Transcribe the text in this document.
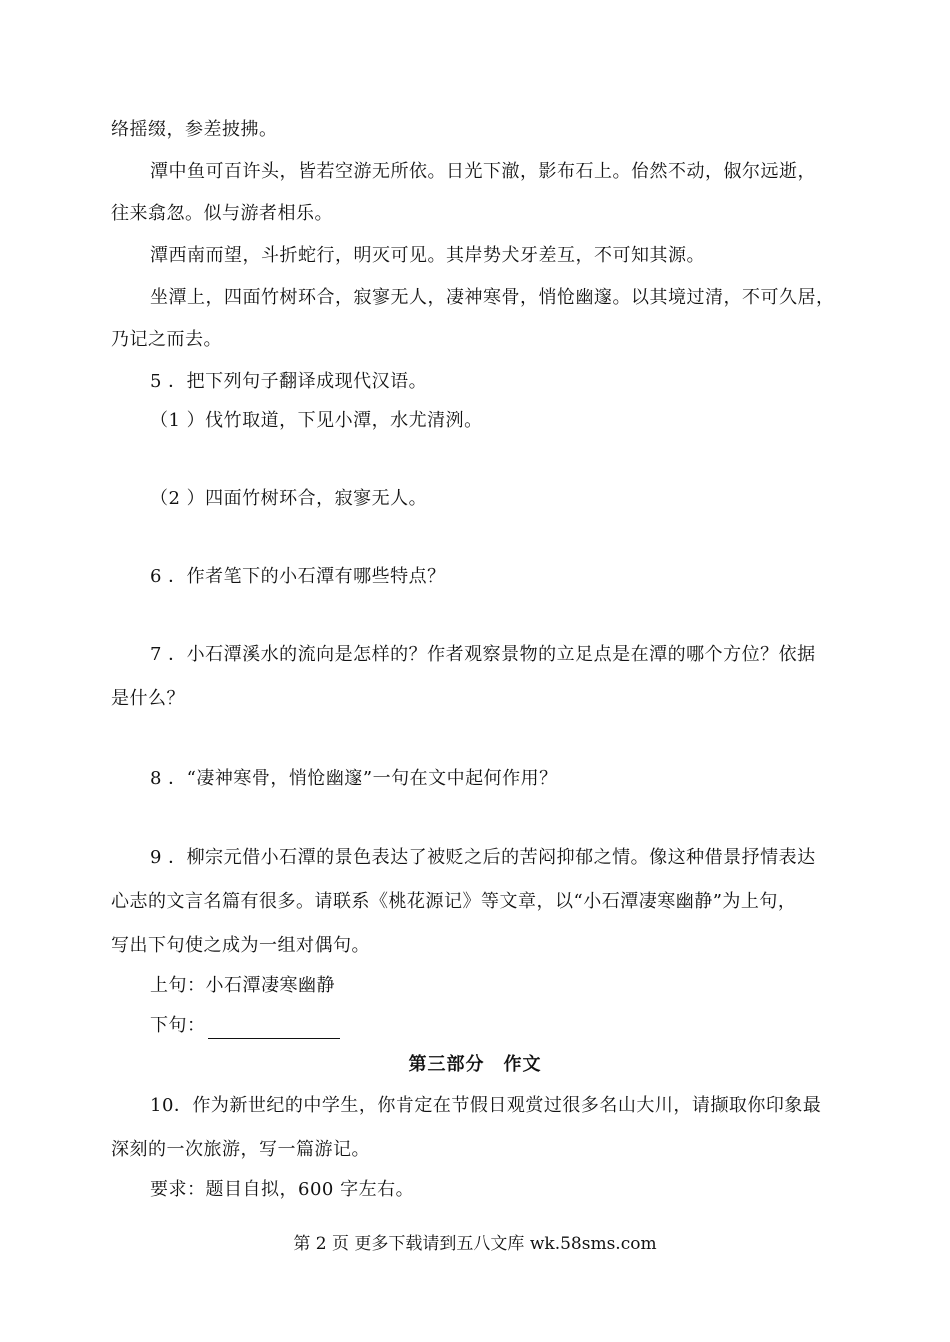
络摇缀，参差披拂。
潭中鱼可百许头，皆若空游无所依。日光下澈，影布石上。佁然不动，俶尔远逝，
往来翕忽。似与游者相乐。
潭西南而望，斗折蛇行，明灭可见。其岸势犬牙差互，不可知其源。
坐潭上，四面竹树环合，寂寥无人，凄神寒骨，悄怆幽邃。以其境过清，不可久居，
乃记之而去。
5 ．把下列句子翻译成现代汉语。
（1 ）伐竹取道，下见小潭，水尤清洌。
（2 ）四面竹树环合，寂寥无人。
6 ．作者笔下的小石潭有哪些特点？
7 ．小石潭溪水的流向是怎样的？作者观察景物的立足点是在潭的哪个方位？依据
是什么？
8 ．“凄神寒骨，悄怆幽邃”一句在文中起何作用？
9 ．柳宗元借小石潭的景色表达了被贬之后的苦闷抑郁之情。像这种借景抒情表达
心志的文言名篇有很多。请联系《桃花源记》等文章，以“小石潭凄寒幽静”为上句，
写出下句使之成为一组对偶句。
上句：小石潭凄寒幽静
下句：
第三部分　作文
10．作为新世纪的中学生，你肯定在节假日观赏过很多名山大川，请撷取你印象最
深刻的一次旅游，写一篇游记。
要求：题目自拟，600 字左右。
第 2 页 更多下载请到五八文库 wk.58sms.com
